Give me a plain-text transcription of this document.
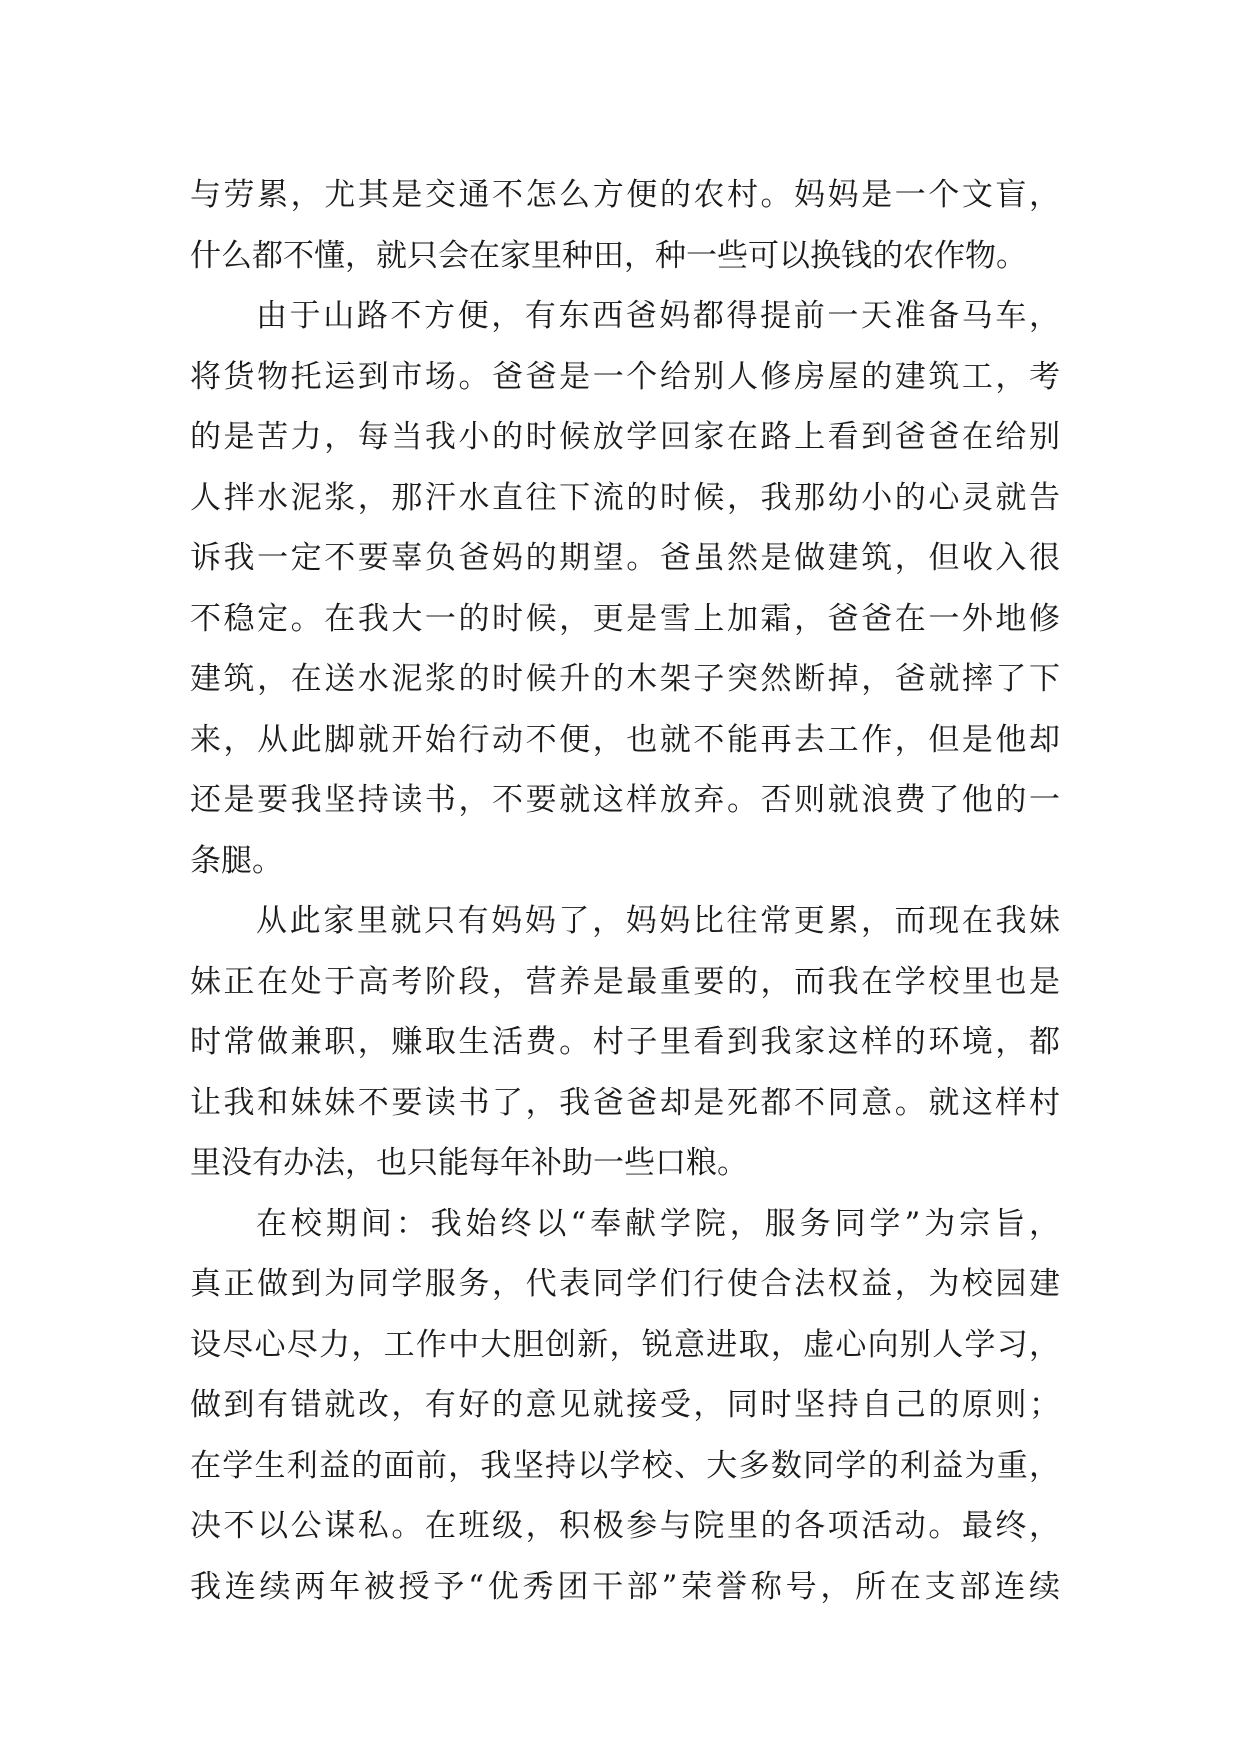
与劳累，尤其是交通不怎么方便的农村。妈妈是一个文盲，
什么都不懂，就只会在家里种田，种一些可以换钱的农作物。
由于山路不方便，有东西爸妈都得提前一天准备马车，
将货物托运到市场。爸爸是一个给别人修房屋的建筑工，考
的是苦力，每当我小的时候放学回家在路上看到爸爸在给别
人拌水泥浆，那汗水直往下流的时候，我那幼小的心灵就告
诉我一定不要辜负爸妈的期望。爸虽然是做建筑，但收入很
不稳定。在我大一的时候，更是雪上加霜，爸爸在一外地修
建筑，在送水泥浆的时候升的木架子突然断掉，爸就摔了下
来，从此脚就开始行动不便，也就不能再去工作，但是他却
还是要我坚持读书，不要就这样放弃。否则就浪费了他的一
条腿。
从此家里就只有妈妈了，妈妈比往常更累，而现在我妹
妹正在处于高考阶段，营养是最重要的，而我在学校里也是
时常做兼职，赚取生活费。村子里看到我家这样的环境，都
让我和妹妹不要读书了，我爸爸却是死都不同意。就这样村
里没有办法，也只能每年补助一些口粮。
在校期间：我始终以“奉献学院，服务同学”为宗旨，
真正做到为同学服务，代表同学们行使合法权益，为校园建
设尽心尽力，工作中大胆创新，锐意进取，虚心向别人学习，
做到有错就改，有好的意见就接受，同时坚持自己的原则；
在学生利益的面前，我坚持以学校、大多数同学的利益为重，
决不以公谋私。在班级，积极参与院里的各项活动。最终，
我连续两年被授予“优秀团干部”荣誉称号，所在支部连续
